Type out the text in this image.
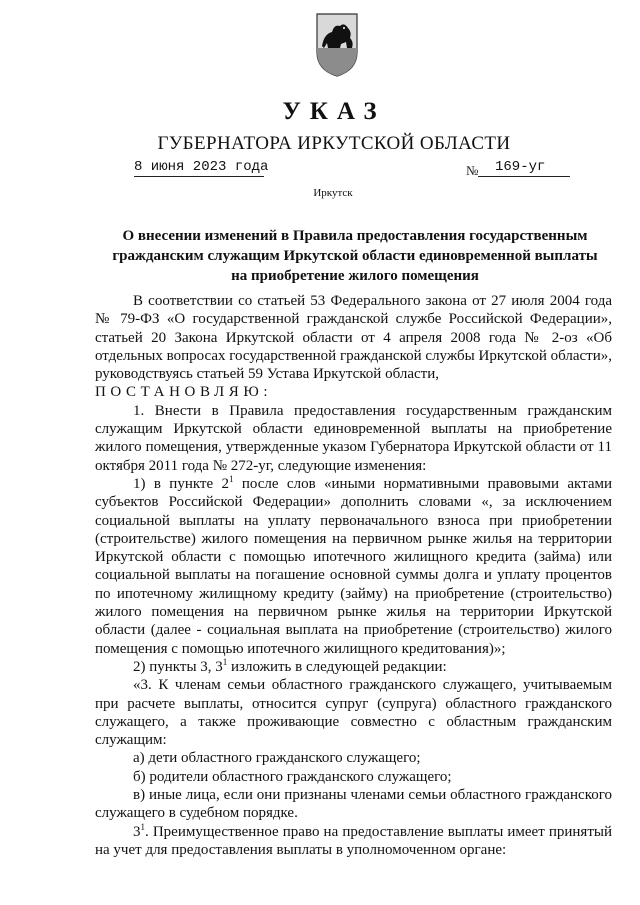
УКАЗ
ГУБЕРНАТОРА ИРКУТСКОЙ ОБЛАСТИ
8 июня 2023 года	№ 169-уг
Иркутск
О внесении изменений в Правила предоставления государственным гражданским служащим Иркутской области единовременной выплаты на приобретение жилого помещения

В соответствии со статьей 53 Федерального закона от 27 июля 2004 года № 79-ФЗ «О государственной гражданской службе Российской Федерации», статьей 20 Закона Иркутской области от 4 апреля 2008 года № 2-оз «Об отдельных вопросах государственной гражданской службы Иркутской области», руководствуясь статьей 59 Устава Иркутской области,

ПОСТАНОВЛЯЮ:

1. Внести в Правила предоставления государственным гражданским служащим Иркутской области единовременной выплаты на приобретение жилого помещения, утвержденные указом Губернатора Иркутской области от 11 октября 2011 года № 272-уг, следующие изменения:

1) в пункте $2^1$ после слов «иными нормативными правовыми актами субъектов Российской Федерации» дополнить словами «, за исключением социальной выплаты на уплату первоначального взноса при приобретении (строительстве) жилого помещения на первичном рынке жилья на территории Иркутской области с помощью ипотечного жилищного кредита (займа) или социальной выплаты на погашение основной суммы долга и уплату процентов по ипотечному жилищному кредиту (займу) на приобретение (строительство) жилого помещения на первичном рынке жилья на территории Иркутской области (далее - социальная выплата на приобретение (строительство) жилого помещения с помощью ипотечного жилищного кредитования)»;

2) пункты 3, $3^1$ изложить в следующей редакции:

«3. К членам семьи областного гражданского служащего, учитываемым при расчете выплаты, относится супруг (супруга) областного гражданского служащего, а также проживающие совместно с областным гражданским служащим:

а) дети областного гражданского служащего;

б) родители областного гражданского служащего;

в) иные лица, если они признаны членами семьи областного гражданского служащего в судебном порядке.

$3^1$. Преимущественное право на предоставление выплаты имеет принятый на учет для предоставления выплаты в уполномоченном органе:
